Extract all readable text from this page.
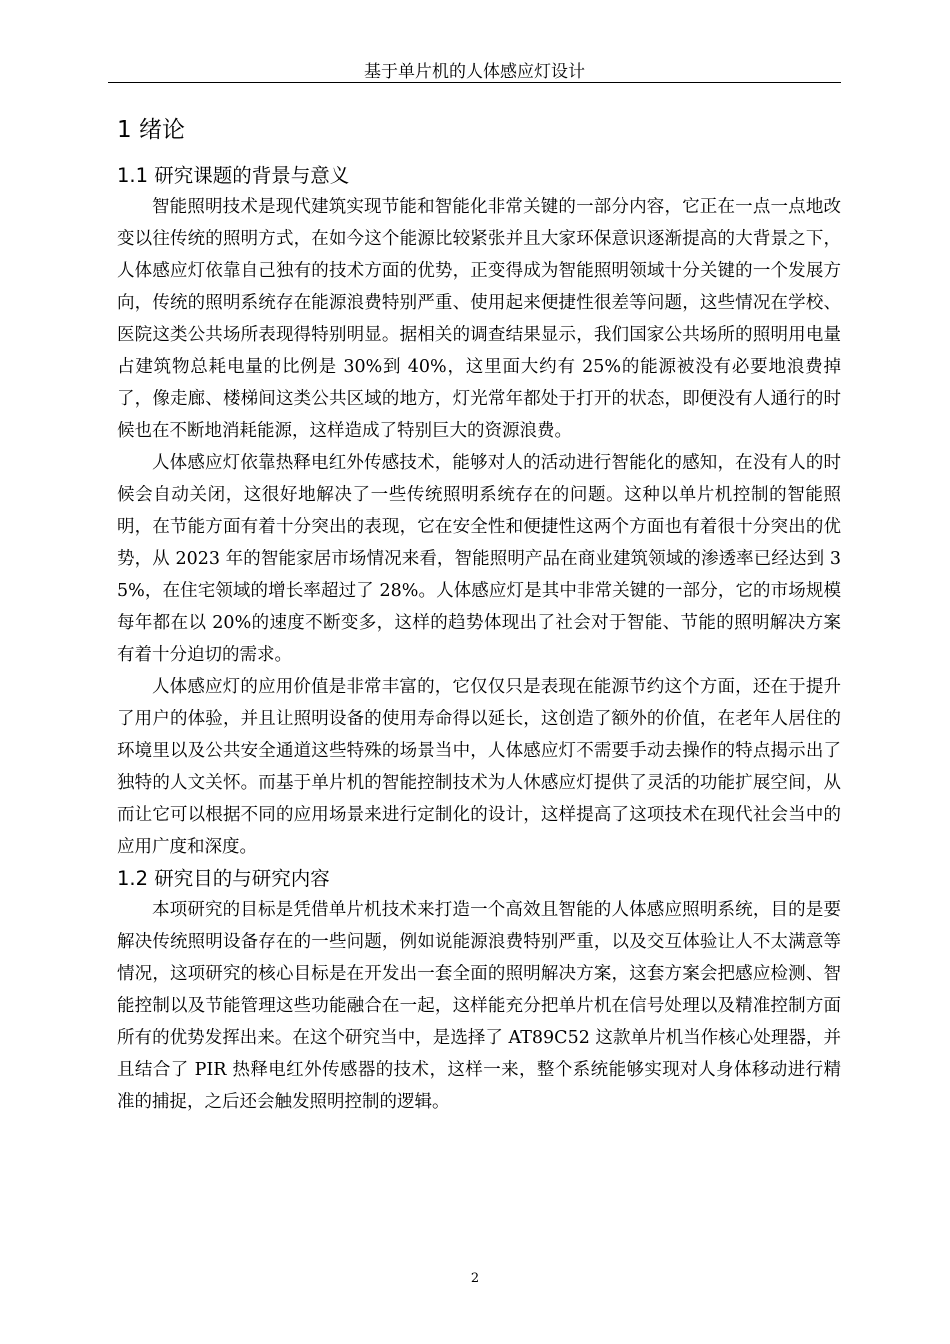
基于单片机的人体感应灯设计
1 绪论
1.1 研究课题的背景与意义

智能照明技术是现代建筑实现节能和智能化非常关键的一部分内容，它正在一点一点地改变以往传统的照明方式，在如今这个能源比较紧张并且大家环保意识逐渐提高的大背景之下，人体感应灯依靠自己独有的技术方面的优势，正变得成为智能照明领域十分关键的一个发展方向，传统的照明系统存在能源浪费特别严重、使用起来便捷性很差等问题，这些情况在学校、医院这类公共场所表现得特别明显。据相关的调查结果显示，我们国家公共场所的照明用电量占建筑物总耗电量的比例是 30%到 40%，这里面大约有 25%的能源被没有必要地浪费掉了，像走廊、楼梯间这类公共区域的地方，灯光常年都处于打开的状态，即便没有人通行的时候也在不断地消耗能源，这样造成了特别巨大的资源浪费。

人体感应灯依靠热释电红外传感技术，能够对人的活动进行智能化的感知，在没有人的时候会自动关闭，这很好地解决了一些传统照明系统存在的问题。这种以单片机控制的智能照明，在节能方面有着十分突出的表现，它在安全性和便捷性这两个方面也有着很十分突出的优势，从 2023 年的智能家居市场情况来看，智能照明产品在商业建筑领域的渗透率已经达到 35%，在住宅领域的增长率超过了 28%。人体感应灯是其中非常关键的一部分，它的市场规模每年都在以 20%的速度不断变多，这样的趋势体现出了社会对于智能、节能的照明解决方案有着十分迫切的需求。

人体感应灯的应用价值是非常丰富的，它仅仅只是表现在能源节约这个方面，还在于提升了用户的体验，并且让照明设备的使用寿命得以延长，这创造了额外的价值，在老年人居住的环境里以及公共安全通道这些特殊的场景当中，人体感应灯不需要手动去操作的特点揭示出了独特的人文关怀。而基于单片机的智能控制技术为人休感应灯提供了灵活的功能扩展空间，从而让它可以根据不同的应用场景来进行定制化的设计，这样提高了这项技术在现代社会当中的应用广度和深度。

1.2 研究目的与研究内容

本项研究的目标是凭借单片机技术来打造一个高效且智能的人体感应照明系统，目的是要解决传统照明设备存在的一些问题，例如说能源浪费特别严重，以及交互体验让人不太满意等情况，这项研究的核心目标是在开发出一套全面的照明解决方案，这套方案会把感应检测、智能控制以及节能管理这些功能融合在一起，这样能充分把单片机在信号处理以及精准控制方面所有的优势发挥出来。在这个研究当中，是选择了 AT89C52 这款单片机当作核心处理器，并且结合了 PIR 热释电红外传感器的技术，这样一来，整个系统能够实现对人身体移动进行精准的捕捉，之后还会触发照明控制的逻辑。

2
